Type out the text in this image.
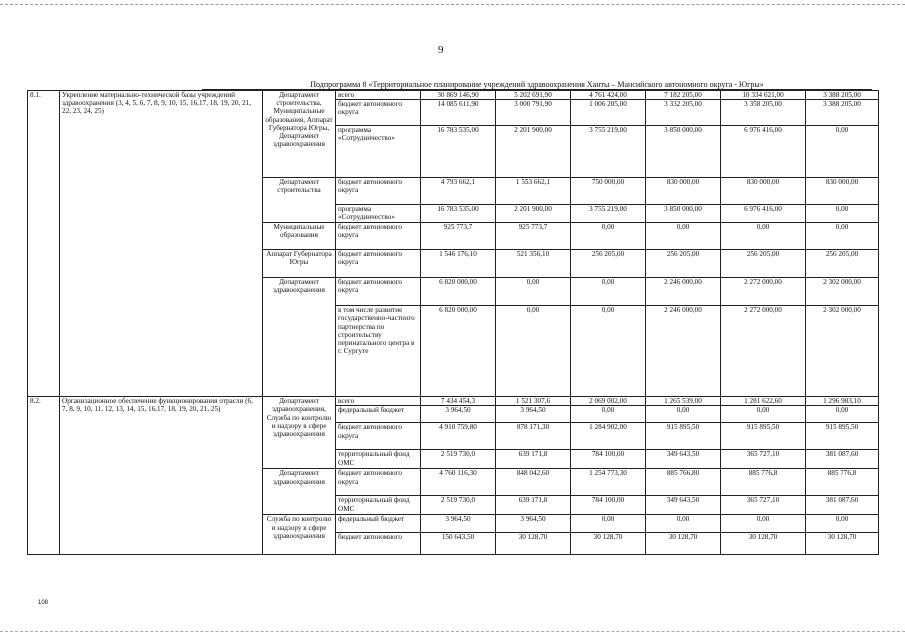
9
Подпрограмма 8 «Территориальное планирование учреждений здравоохранения Ханты – Мансийского автономного округа - Югры»
8.1.	Укрепление материально-технической базы учреждений здравоохранения (3, 4, 5, 6, 7, 8, 9, 10, 15, 16,17, 18, 19, 20, 21, 22, 23, 24, 25)	Департамент строительства, Муниципальные образования, Аппарат Губернатора Югры, Департамент здравоохранения	всего	30 869 146,90	5 202 691,90	4 761 424,00	7 182 205,00	10 334 621,00	3 388 205,00
			бюджет автономного округа	14 085 611,90	3 000 791,90	1 006 205,00	3 332 205,00	3 358 205,00	3 388 205,00
			программа «Сотрудничество»	16 783 535,00	2 201 900,00	3 755 219,00	3 850 000,00	6 976 416,00	0,00
		Департамент строительства	бюджет автономного округа	4 793 662,1	1 553 662,1	750 000,00	830 000,00	830 000,00	830 000,00
			программа «Сотрудничество»	16 783 535,00	2 201 900,00	3 755 219,00	3 850 000,00	6 976 416,00	0,00
		Муниципальные образования	бюджет автономного округа	925 773,7	925 773,7	0,00	0,00	0,00	0,00
		Аппарат Губернатора Югры	бюджет автономного округа	1 546 176,10	521 356,10	256 205,00	256 205,00	256 205,00	256 205,00
		Департамент здравоохранения	бюджет автономного округа	6 820 000,00	0,00	0,00	2 246 000,00	2 272 000,00	2 302 000,00
			в том числе развитие государственно-частного партнерства по строительству перинатального центра в г. Сургуте	6 820 000,00	0,00	0,00	2 246 000,00	2 272 000,00	2 302 000,00
8.2.	Организационное обеспечение функционирования отрасли (6, 7, 8, 9, 10, 11, 12, 13, 14, 15, 16,17, 18, 19, 20, 21, 25)	Департамент здравоохранения, Служба по контролю и надзору в сфере здравоохранения	всего	7 434 454,3	1 521 307,6	2 069 002,00	1 265 539,00	1 281 622,60	1 296 983,10
			федеральный бюджет	3 964,50	3 964,50	0,00	0,00	0,00	0,00
			бюджет автономного округа	4 910 759,80	878 171,30	1 284 902,00	915 895,50	915 895,50	915 895,50
			территориальный фонд ОМС	2 519 730,0	639 171,8	784 100,00	349 643,50	365 727,10	381 087,60
		Департамент здравоохранения	бюджет автономного округа	4 760 116,30	848 042,60	1 254 773,30	885 766,80	885 776,8	885 776,8
			территориальный фонд ОМС	2 519 730,0	639 171,8	784 100,00	349 643,50	365 727,10	381 087,60
		Служба по контролю и надзору в сфере здравоохранения	федеральный бюджет	3 964,50	3 964,50	0,00	0,00	0,00	0,00
			бюджет автономного	150 643,50	30 128,70	30 128,70	30 128,70	30 128,70	30 128,70
108
